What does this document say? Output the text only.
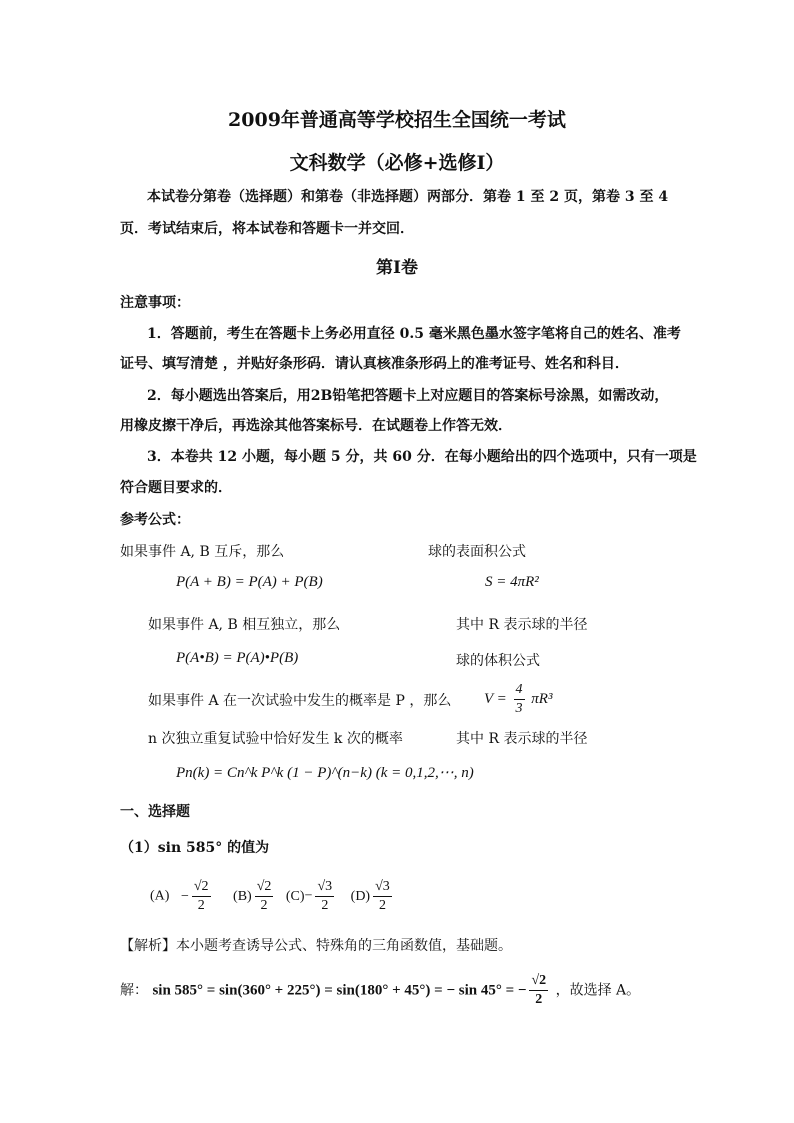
2009年普通高等学校招生全国统一考试
文科数学（必修+选修Ⅰ）
本试卷分第卷（选择题）和第卷（非选择题）两部分．第卷 1 至 2 页，第卷 3 至 4
页．考试结束后，将本试卷和答题卡一并交回．
第Ⅰ卷
注意事项：
1．答题前，考生在答题卡上务必用直径 0.5 毫米黑色墨水签字笔将自己的姓名、准考
证号、填写清楚 ，并贴好条形码．请认真核准条形码上的准考证号、姓名和科目．
2．每小题选出答案后，用2B铅笔把答题卡上对应题目的答案标号涂黑，如需改动，
用橡皮擦干净后，再选涂其他答案标号．在试题卷上作答无效．
3．本卷共 12 小题，每小题 5 分，共 60 分．在每小题给出的四个选项中，只有一项是
符合题目要求的．
参考公式：
如果事件 A, B 互斥，那么
P(A + B) = P(A) + P(B)
如果事件 A, B 相互独立，那么
P(A•B) = P(A)•P(B)
如果事件 A 在一次试验中发生的概率是 P ，那么
n 次独立重复试验中恰好发生 k 次的概率
Pn(k) = Cn^k P^k (1 − P)^(n−k) (k = 0,1,2,⋯, n)
球的表面积公式
S = 4πR²
其中 R 表示球的半径
球的体积公式
$V = \frac{4}{3} \pi R^3$
其中 R 表示球的半径
一、选择题
（1）sin 585° 的值为
$(A) - \frac{√2}{2} (B) \frac{√2}{2} (C)- \frac{√3}{2} (D) \frac{√3}{2}$
【解析】本小题考查诱导公式、特殊角的三角函数值，基础题。
解： sin 585° = sin(360° + 225°) = sin(180° + 45°) = − sin 45° = − $\frac{√2}{2}$ ，故选择 A。
